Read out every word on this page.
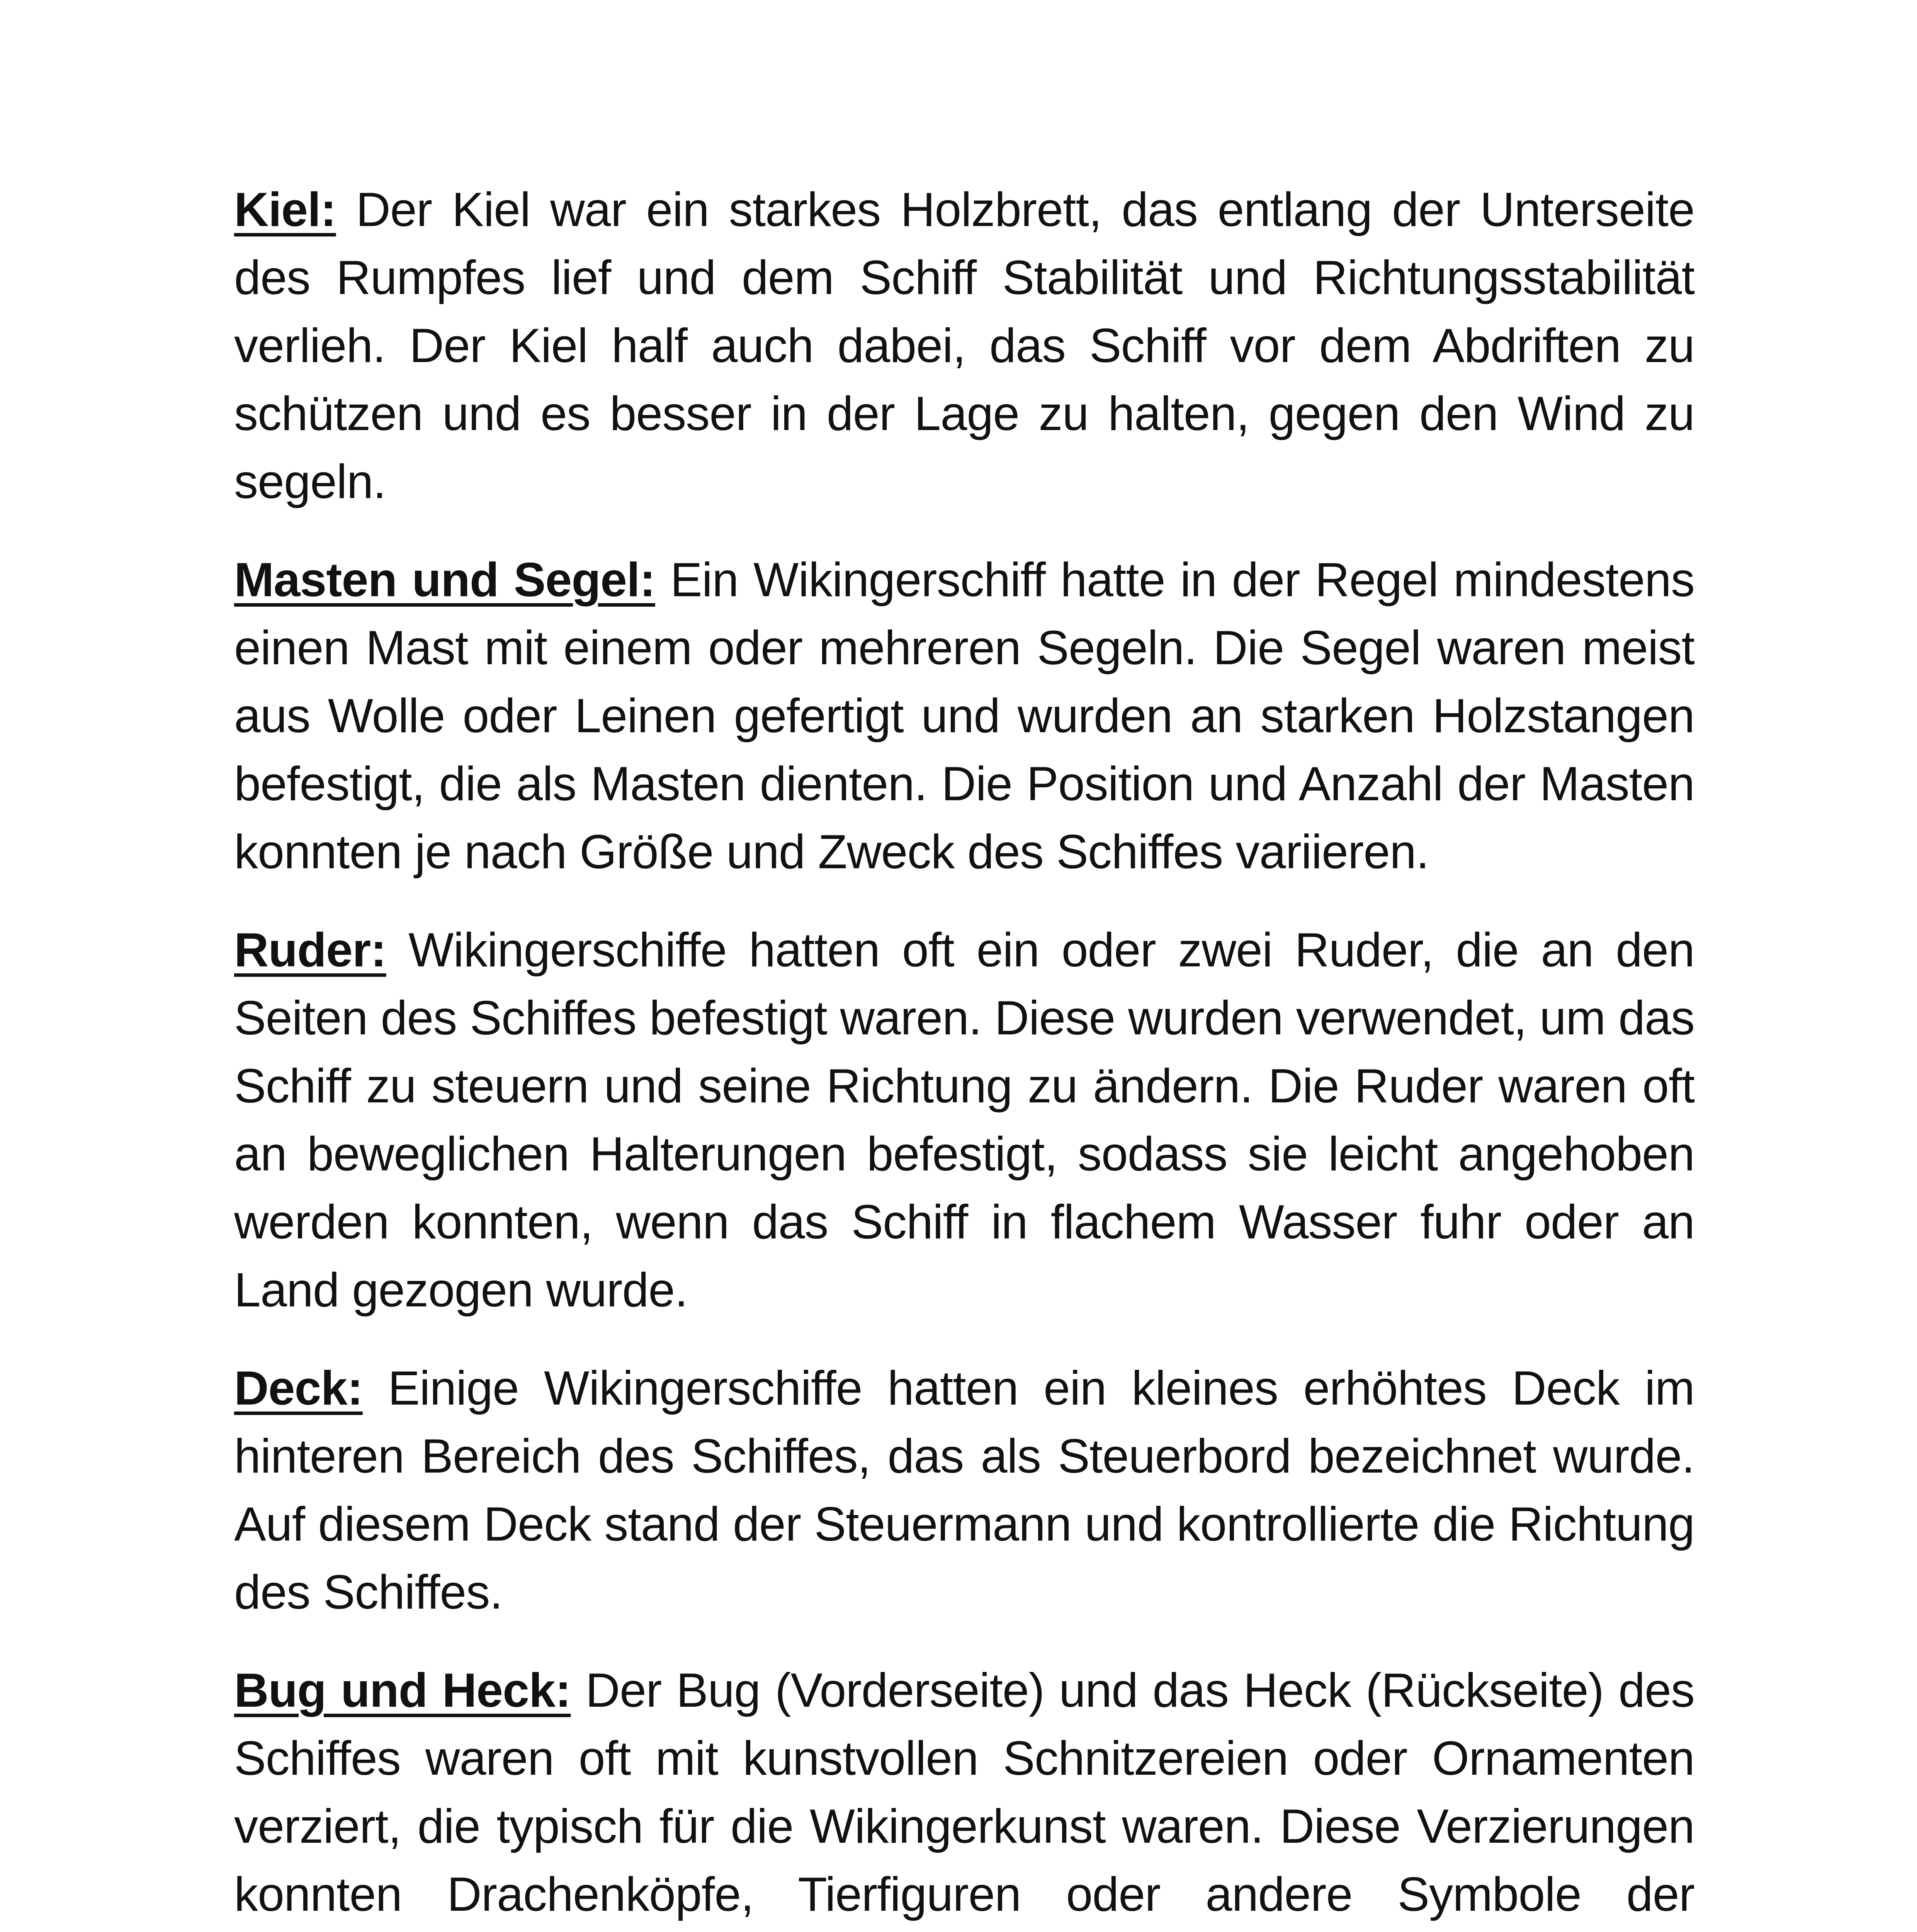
Kiel: Der Kiel war ein starkes Holzbrett, das entlang der Unterseite des Rumpfes lief und dem Schiff Stabilität und Richtungsstabilität verlieh. Der Kiel half auch dabei, das Schiff vor dem Abdriften zu schützen und es besser in der Lage zu halten, gegen den Wind zu segeln.

Masten und Segel: Ein Wikingerschiff hatte in der Regel mindestens einen Mast mit einem oder mehreren Segeln. Die Segel waren meist aus Wolle oder Leinen gefertigt und wurden an starken Holzstangen befestigt, die als Masten dienten. Die Position und Anzahl der Masten konnten je nach Größe und Zweck des Schiffes variieren.

Ruder: Wikingerschiffe hatten oft ein oder zwei Ruder, die an den Seiten des Schiffes befestigt waren. Diese wurden verwendet, um das Schiff zu steuern und seine Richtung zu ändern. Die Ruder waren oft an beweglichen Halterungen befestigt, sodass sie leicht angehoben werden konnten, wenn das Schiff in flachem Wasser fuhr oder an Land gezogen wurde.

Deck: Einige Wikingerschiffe hatten ein kleines erhöhtes Deck im hinteren Bereich des Schiffes, das als Steuerbord bezeichnet wurde. Auf diesem Deck stand der Steuermann und kontrollierte die Richtung des Schiffes.

Bug und Heck: Der Bug (Vorderseite) und das Heck (Rückseite) des Schiffes waren oft mit kunstvollen Schnitzereien oder Ornamenten verziert, die typisch für die Wikingerkunst waren. Diese Verzierungen konnten Drachenköpfe, Tierfiguren oder andere Symbole der
